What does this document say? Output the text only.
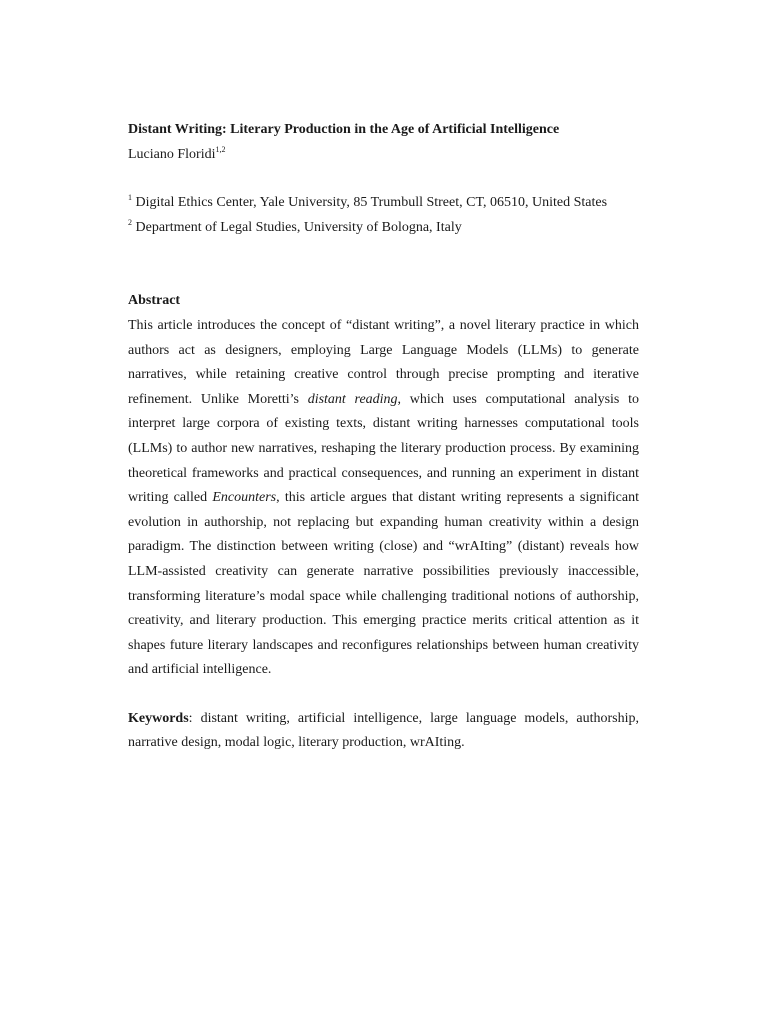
Distant Writing: Literary Production in the Age of Artificial Intelligence

Luciano Floridi$^{1,2}$

$^1$ Digital Ethics Center, Yale University, 85 Trumbull Street, CT, 06510, United States

$^2$ Department of Legal Studies, University of Bologna, Italy

Abstract

This article introduces the concept of “distant writing”, a novel literary practice in which authors act as designers, employing Large Language Models (LLMs) to generate narratives, while retaining creative control through precise prompting and iterative refinement. Unlike Moretti’s distant reading, which uses computational analysis to interpret large corpora of existing texts, distant writing harnesses computational tools (LLMs) to author new narratives, reshaping the literary production process. By examining theoretical frameworks and practical consequences, and running an experiment in distant writing called Encounters, this article argues that distant writing represents a significant evolution in authorship, not replacing but expanding human creativity within a design paradigm. The distinction between writing (close) and “wrAIting” (distant) reveals how LLM-assisted creativity can generate narrative possibilities previously inaccessible, transforming literature’s modal space while challenging traditional notions of authorship, creativity, and literary production. This emerging practice merits critical attention as it shapes future literary landscapes and reconfigures relationships between human creativity and artificial intelligence.

Keywords: distant writing, artificial intelligence, large language models, authorship, narrative design, modal logic, literary production, wrAIting.
